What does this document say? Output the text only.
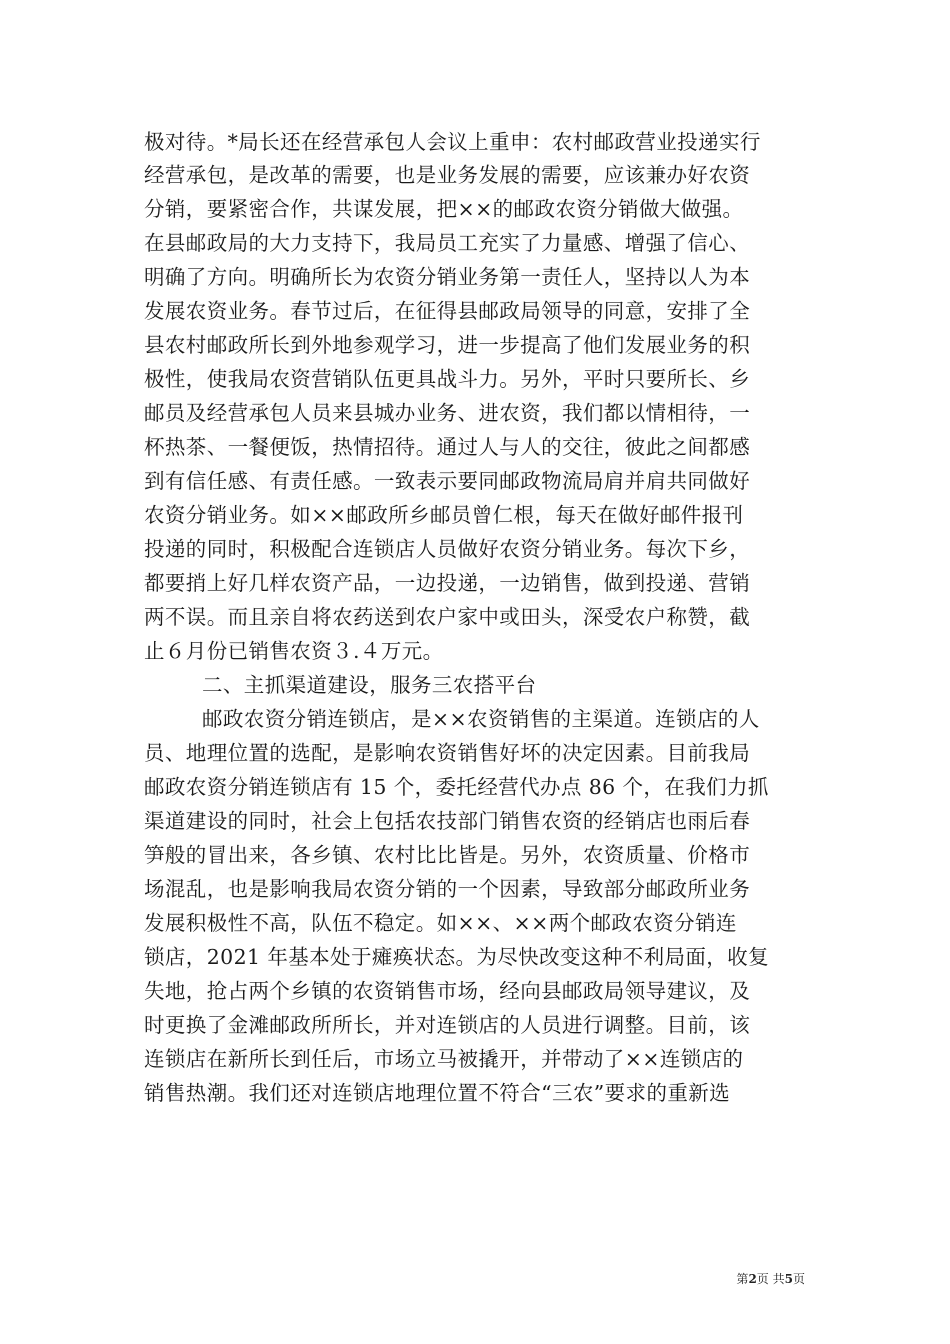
极对待。*局长还在经营承包人会议上重申：农村邮政营业投递实行
经营承包，是改革的需要，也是业务发展的需要，应该兼办好农资
分销，要紧密合作，共谋发展，把××的邮政农资分销做大做强。
在县邮政局的大力支持下，我局员工充实了力量感、增强了信心、
明确了方向。明确所长为农资分销业务第一责任人，坚持以人为本
发展农资业务。春节过后，在征得县邮政局领导的同意，安排了全
县农村邮政所长到外地参观学习，进一步提高了他们发展业务的积
极性，使我局农资营销队伍更具战斗力。另外，平时只要所长、乡
邮员及经营承包人员来县城办业务、进农资，我们都以情相待，一
杯热茶、一餐便饭，热情招待。通过人与人的交往，彼此之间都感
到有信任感、有责任感。一致表示要同邮政物流局肩并肩共同做好
农资分销业务。如××邮政所乡邮员曾仁根，每天在做好邮件报刊
投递的同时，积极配合连锁店人员做好农资分销业务。每次下乡，
都要捎上好几样农资产品，一边投递，一边销售，做到投递、营销
两不误。而且亲自将农药送到农户家中或田头，深受农户称赞，截
止６月份已销售农资３.４万元。
二、主抓渠道建设，服务三农搭平台
邮政农资分销连锁店，是××农资销售的主渠道。连锁店的人
员、地理位置的选配，是影响农资销售好坏的决定因素。目前我局
邮政农资分销连锁店有 15 个，委托经营代办点 86 个，在我们力抓
渠道建设的同时，社会上包括农技部门销售农资的经销店也雨后春
笋般的冒出来，各乡镇、农村比比皆是。另外，农资质量、价格市
场混乱，也是影响我局农资分销的一个因素，导致部分邮政所业务
发展积极性不高，队伍不稳定。如××、××两个邮政农资分销连
锁店，2021 年基本处于瘫痪状态。为尽快改变这种不利局面，收复
失地，抢占两个乡镇的农资销售市场，经向县邮政局领导建议，及
时更换了金滩邮政所所长，并对连锁店的人员进行调整。目前，该
连锁店在新所长到任后，市场立马被撬开，并带动了××连锁店的
销售热潮。我们还对连锁店地理位置不符合“三农”要求的重新选
第2页 共5页
